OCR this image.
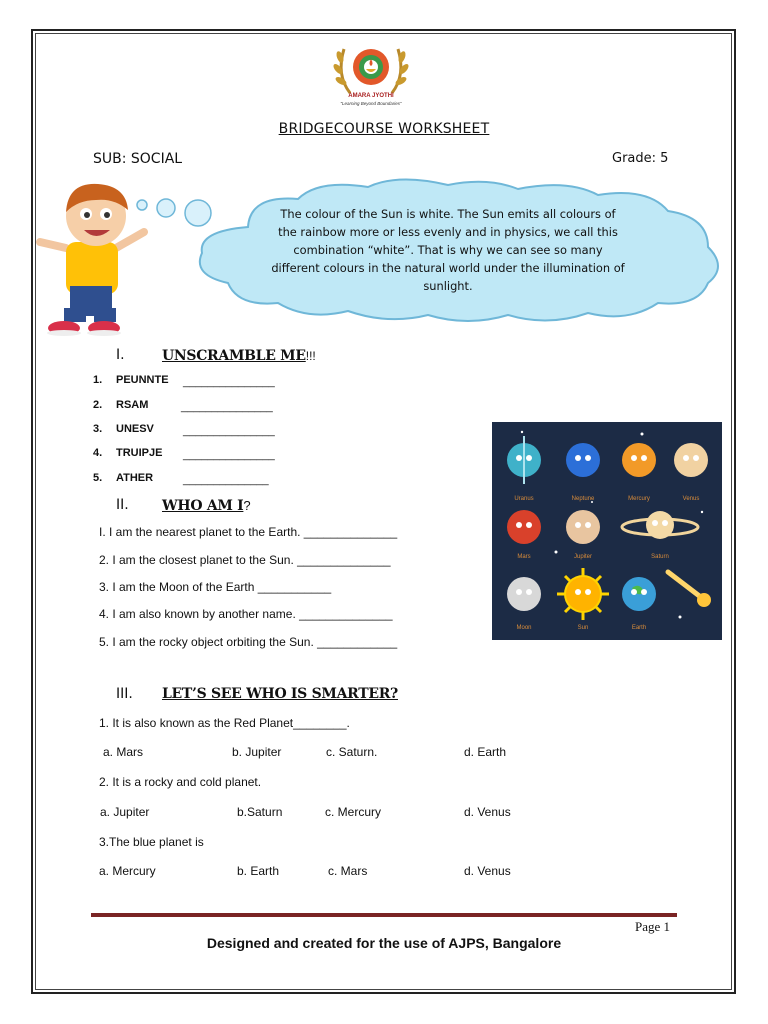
AMARA JYOTHI
"Learning Beyond Boundaries"
BRIDGECOURSE WORKSHEET
SUB: SOCIAL	Grade: 5
The colour of the Sun is white. The Sun emits all colours of the rainbow more or less evenly and in physics, we call this combination “white”. That is why we can see so many different colours in the natural world under the illumination of sunlight.
I.	UNSCRAMBLE ME!!!
1. PEUNNTE _______________
2. RSAM	_______________
3. UNESV	_______________
4. TRUIPJE _______________
5. ATHER	______________
II. WHO AM I?
I. I am the nearest planet to the Earth. ______________
2. I am the closest planet to the Sun. ______________
3. I am the Moon of the Earth ___________
4. I am also known by another name. ______________
5. I am the rocky object orbiting the Sun. ____________
Uranus	Neptune	Mercury	Venus
Mars	Jupiter	Saturn
Moon	Sun	Earth
III. LET’S SEE WHO IS SMARTER?
1. It is also known as the Red Planet________.
a. Mars	b. Jupiter	c. Saturn.	d. Earth
2. It is a rocky and cold planet.
a. Jupiter	b.Saturn	c. Mercury	d. Venus
3.The blue planet is
a. Mercury	b. Earth	c. Mars	d. Venus
Page 1
Designed and created for the use of AJPS, Bangalore
